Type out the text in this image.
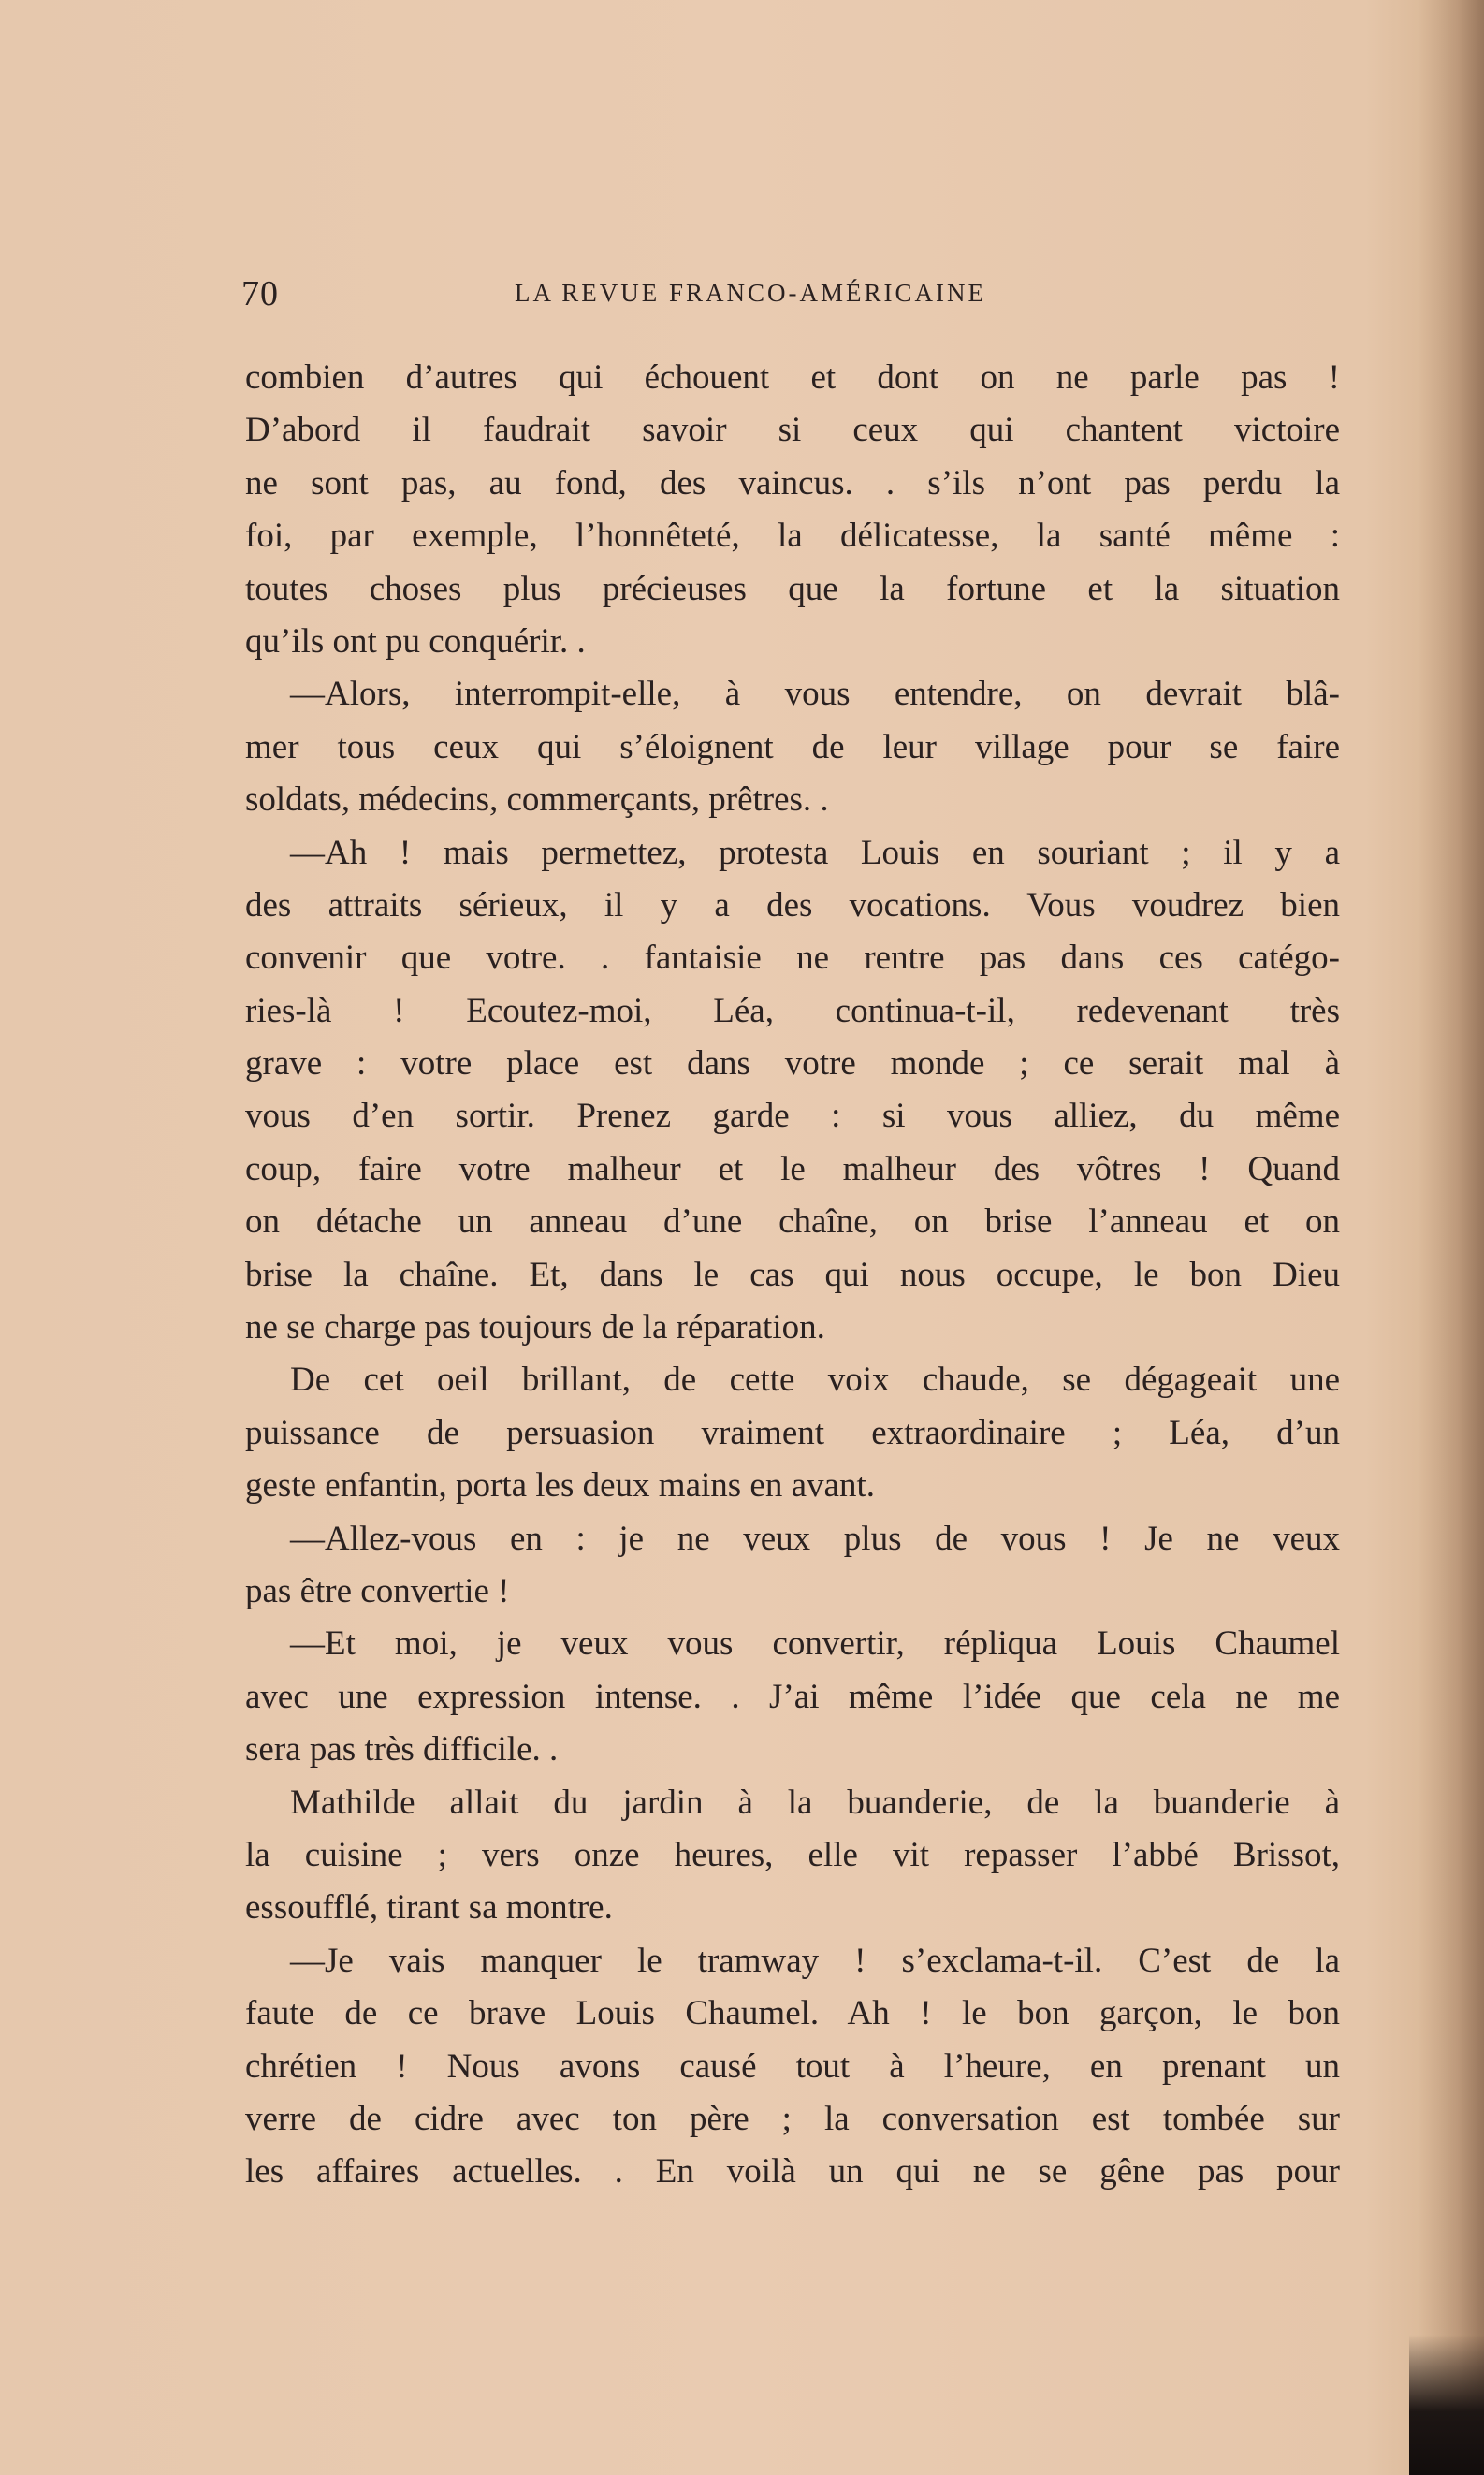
70	LA REVUE FRANCO-AMÉRICAINE
combien d’autres qui échouent et dont on ne parle pas !
D’abord il faudrait savoir si ceux qui chantent victoire
ne sont pas, au fond, des vaincus. . s’ils n’ont pas perdu la
foi, par exemple, l’honnêteté, la délicatesse, la santé même :
toutes choses plus précieuses que la fortune et la situation
qu’ils ont pu conquérir. .
—Alors, interrompit-elle, à vous entendre, on devrait blâ-
mer tous ceux qui s’éloignent de leur village pour se faire
soldats, médecins, commerçants, prêtres. .
—Ah ! mais permettez, protesta Louis en souriant ; il y a
des attraits sérieux, il y a des vocations. Vous voudrez bien
convenir que votre. . fantaisie ne rentre pas dans ces catégo-
ries-là ! Ecoutez-moi, Léa, continua-t-il, redevenant très
grave : votre place est dans votre monde ; ce serait mal à
vous d’en sortir. Prenez garde : si vous alliez, du même
coup, faire votre malheur et le malheur des vôtres ! Quand
on détache un anneau d’une chaîne, on brise l’anneau et on
brise la chaîne. Et, dans le cas qui nous occupe, le bon Dieu
ne se charge pas toujours de la réparation.
De cet oeil brillant, de cette voix chaude, se dégageait une
puissance de persuasion vraiment extraordinaire ; Léa, d’un
geste enfantin, porta les deux mains en avant.
—Allez-vous en : je ne veux plus de vous ! Je ne veux
pas être convertie !
—Et moi, je veux vous convertir, répliqua Louis Chaumel
avec une expression intense. . J’ai même l’idée que cela ne me
sera pas très difficile. .
Mathilde allait du jardin à la buanderie, de la buanderie à
la cuisine ; vers onze heures, elle vit repasser l’abbé Brissot,
essoufflé, tirant sa montre.
—Je vais manquer le tramway ! s’exclama-t-il. C’est de la
faute de ce brave Louis Chaumel. Ah ! le bon garçon, le bon
chrétien ! Nous avons causé tout à l’heure, en prenant un
verre de cidre avec ton père ; la conversation est tombée sur
les affaires actuelles. . En voilà un qui ne se gêne pas pour
